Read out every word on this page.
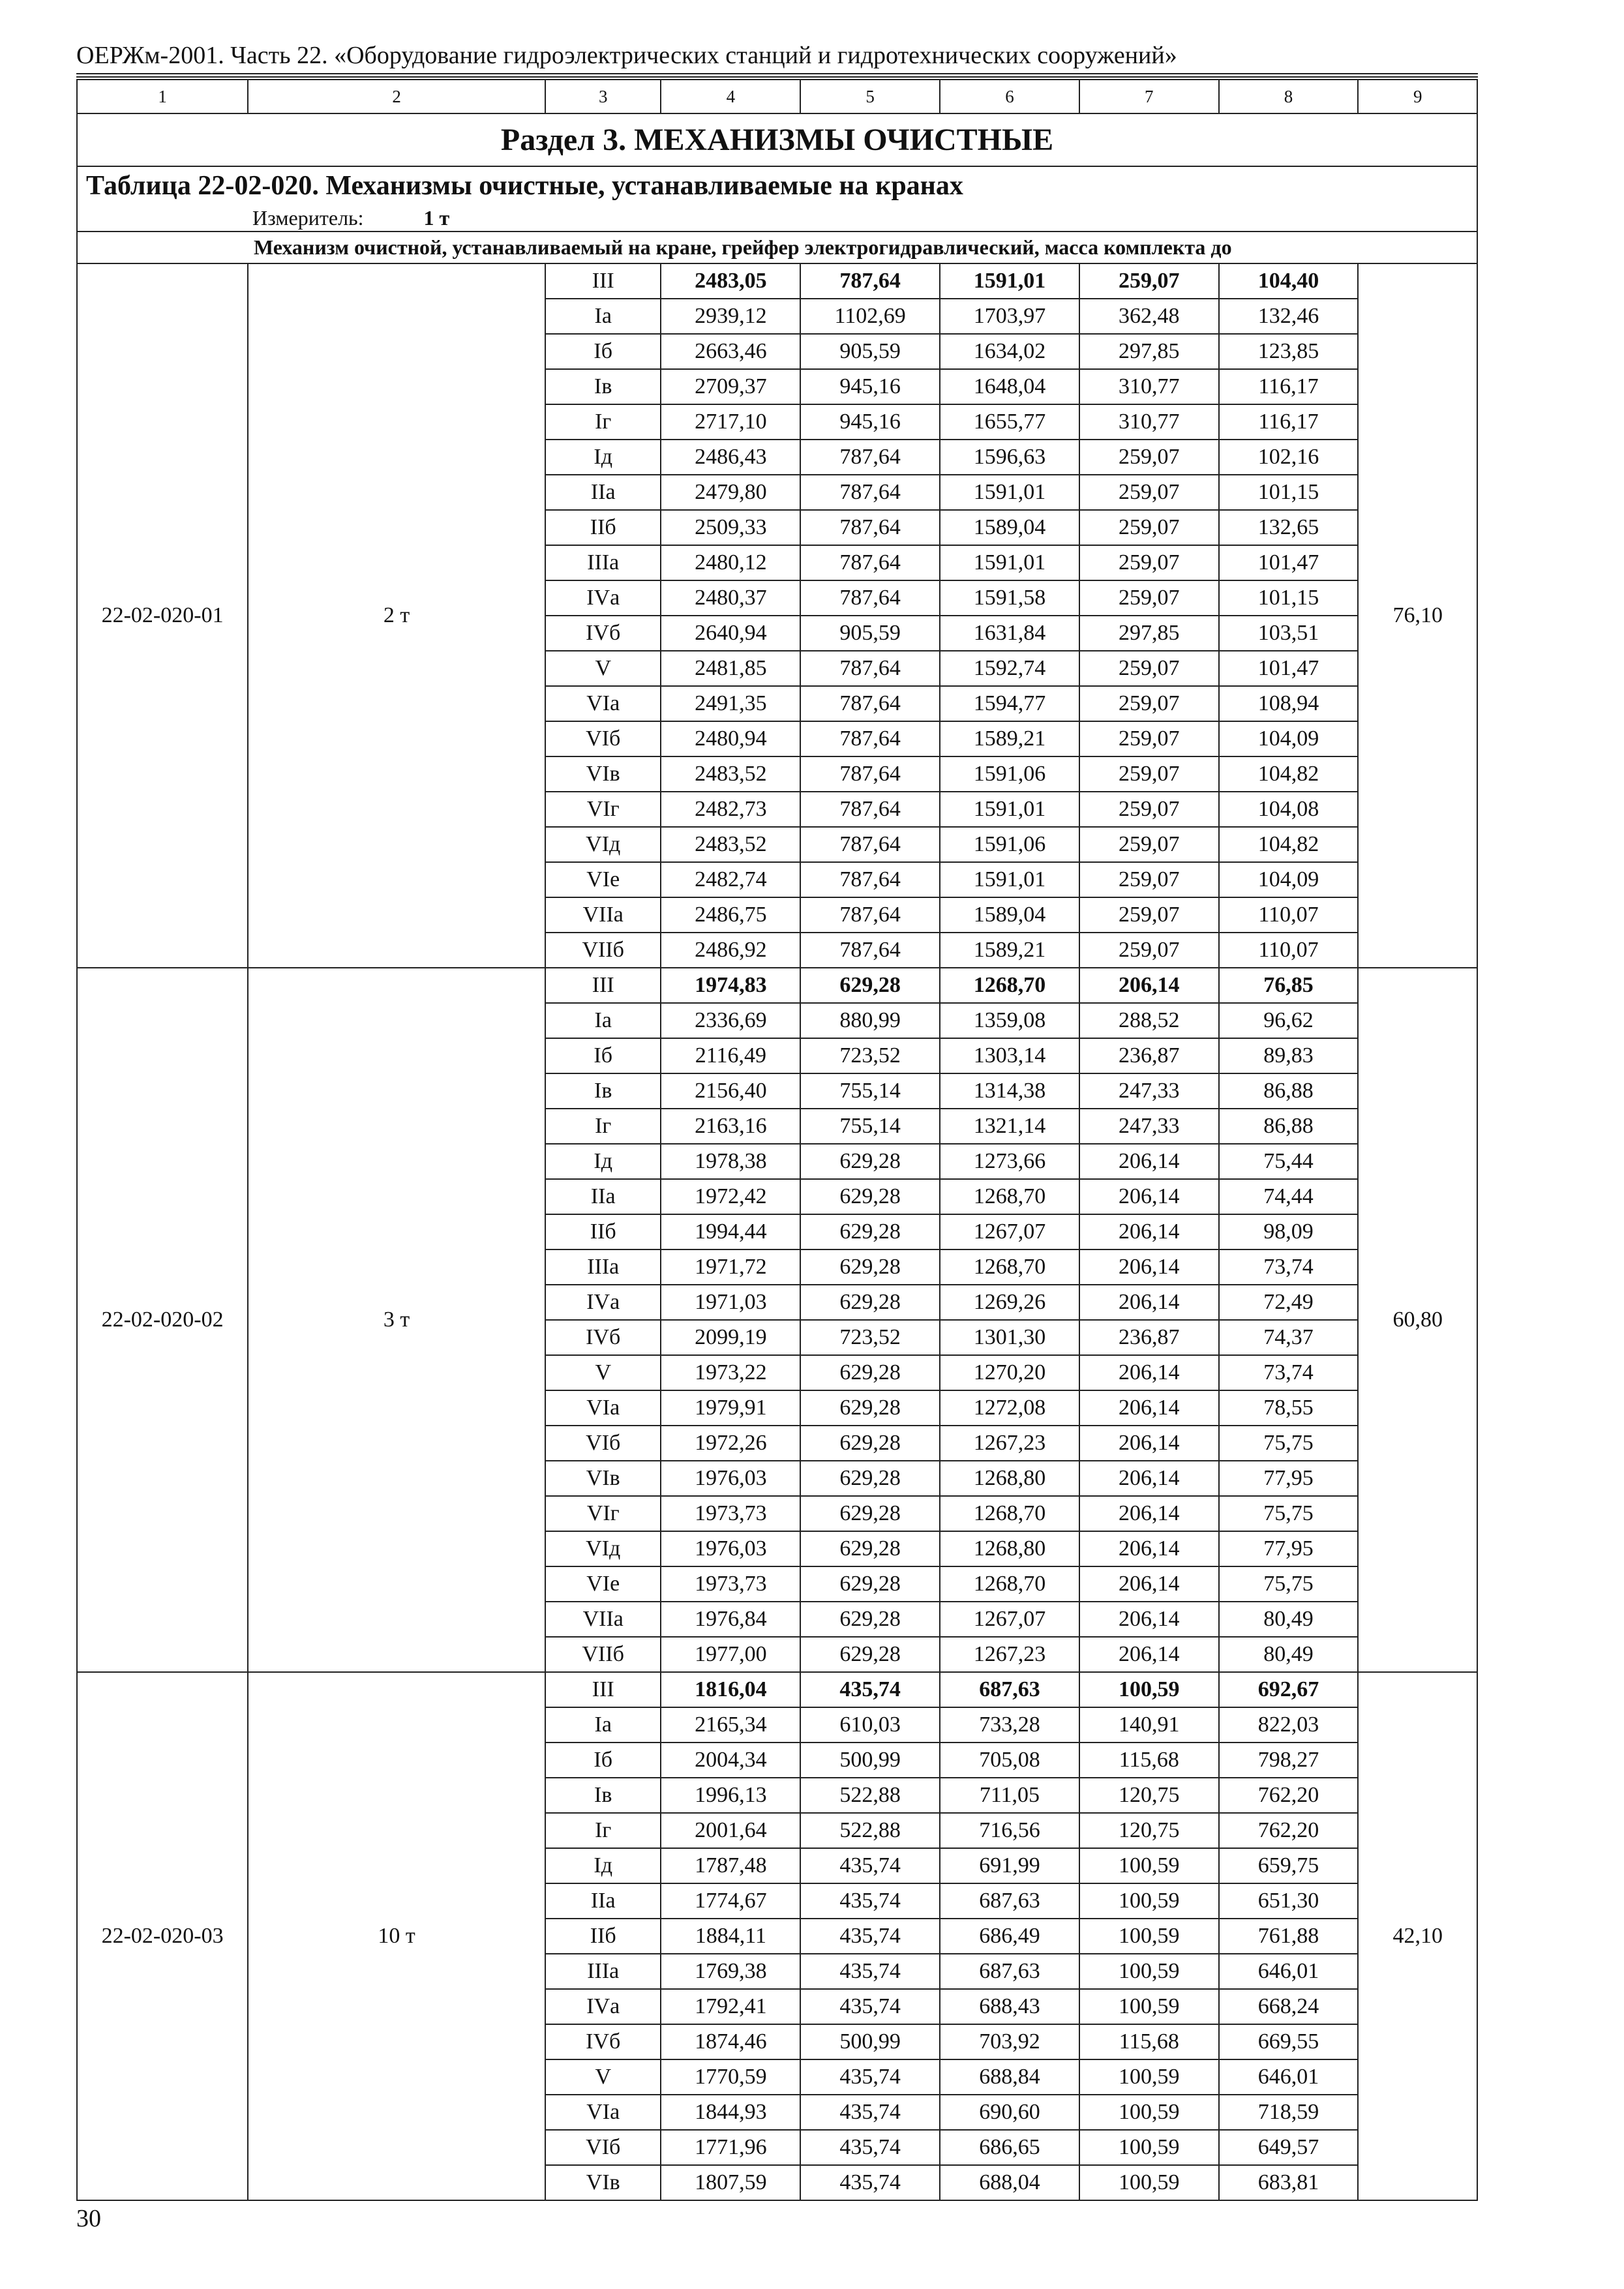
ОЕРЖм-2001. Часть 22. «Оборудование гидроэлектрических станций и гидротехнических сооружений»
1	2	3	4	5	6	7	8	9
Раздел 3. МЕХАНИЗМЫ ОЧИСТНЫЕ								
Таблица 22-02-020. Механизмы очистные, устанавливаемые на кранах								
Измеритель: 1 т								
Механизм очистной, устанавливаемый на кране, грейфер электрогидравлический, масса комплекта до								
22-02-020-01	2 т	III	2483,05	787,64	1591,01	259,07	104,40	76,10
		Iа	2939,12	1102,69	1703,97	362,48	132,46	
		Iб	2663,46	905,59	1634,02	297,85	123,85	
		Iв	2709,37	945,16	1648,04	310,77	116,17	
		Iг	2717,10	945,16	1655,77	310,77	116,17	
		Iд	2486,43	787,64	1596,63	259,07	102,16	
		IIа	2479,80	787,64	1591,01	259,07	101,15	
		IIб	2509,33	787,64	1589,04	259,07	132,65	
		IIIа	2480,12	787,64	1591,01	259,07	101,47	
		IVа	2480,37	787,64	1591,58	259,07	101,15	
		IVб	2640,94	905,59	1631,84	297,85	103,51	
		V	2481,85	787,64	1592,74	259,07	101,47	
		VIа	2491,35	787,64	1594,77	259,07	108,94	
		VIб	2480,94	787,64	1589,21	259,07	104,09	
		VIв	2483,52	787,64	1591,06	259,07	104,82	
		VIг	2482,73	787,64	1591,01	259,07	104,08	
		VIд	2483,52	787,64	1591,06	259,07	104,82	
		VIе	2482,74	787,64	1591,01	259,07	104,09	
		VIIа	2486,75	787,64	1589,04	259,07	110,07	
		VIIб	2486,92	787,64	1589,21	259,07	110,07	
22-02-020-02	3 т	III	1974,83	629,28	1268,70	206,14	76,85	60,80
		Iа	2336,69	880,99	1359,08	288,52	96,62	
		Iб	2116,49	723,52	1303,14	236,87	89,83	
		Iв	2156,40	755,14	1314,38	247,33	86,88	
		Iг	2163,16	755,14	1321,14	247,33	86,88	
		Iд	1978,38	629,28	1273,66	206,14	75,44	
		IIа	1972,42	629,28	1268,70	206,14	74,44	
		IIб	1994,44	629,28	1267,07	206,14	98,09	
		IIIа	1971,72	629,28	1268,70	206,14	73,74	
		IVа	1971,03	629,28	1269,26	206,14	72,49	
		IVб	2099,19	723,52	1301,30	236,87	74,37	
		V	1973,22	629,28	1270,20	206,14	73,74	
		VIа	1979,91	629,28	1272,08	206,14	78,55	
		VIб	1972,26	629,28	1267,23	206,14	75,75	
		VIв	1976,03	629,28	1268,80	206,14	77,95	
		VIг	1973,73	629,28	1268,70	206,14	75,75	
		VIд	1976,03	629,28	1268,80	206,14	77,95	
		VIе	1973,73	629,28	1268,70	206,14	75,75	
		VIIа	1976,84	629,28	1267,07	206,14	80,49	
		VIIб	1977,00	629,28	1267,23	206,14	80,49	
22-02-020-03	10 т	III	1816,04	435,74	687,63	100,59	692,67	42,10
		Iа	2165,34	610,03	733,28	140,91	822,03	
		Iб	2004,34	500,99	705,08	115,68	798,27	
		Iв	1996,13	522,88	711,05	120,75	762,20	
		Iг	2001,64	522,88	716,56	120,75	762,20	
		Iд	1787,48	435,74	691,99	100,59	659,75	
		IIа	1774,67	435,74	687,63	100,59	651,30	
		IIб	1884,11	435,74	686,49	100,59	761,88	
		IIIа	1769,38	435,74	687,63	100,59	646,01	
		IVа	1792,41	435,74	688,43	100,59	668,24	
		IVб	1874,46	500,99	703,92	115,68	669,55	
		V	1770,59	435,74	688,84	100,59	646,01	
		VIа	1844,93	435,74	690,60	100,59	718,59	
		VIб	1771,96	435,74	686,65	100,59	649,57	
		VIв	1807,59	435,74	688,04	100,59	683,81	
30
